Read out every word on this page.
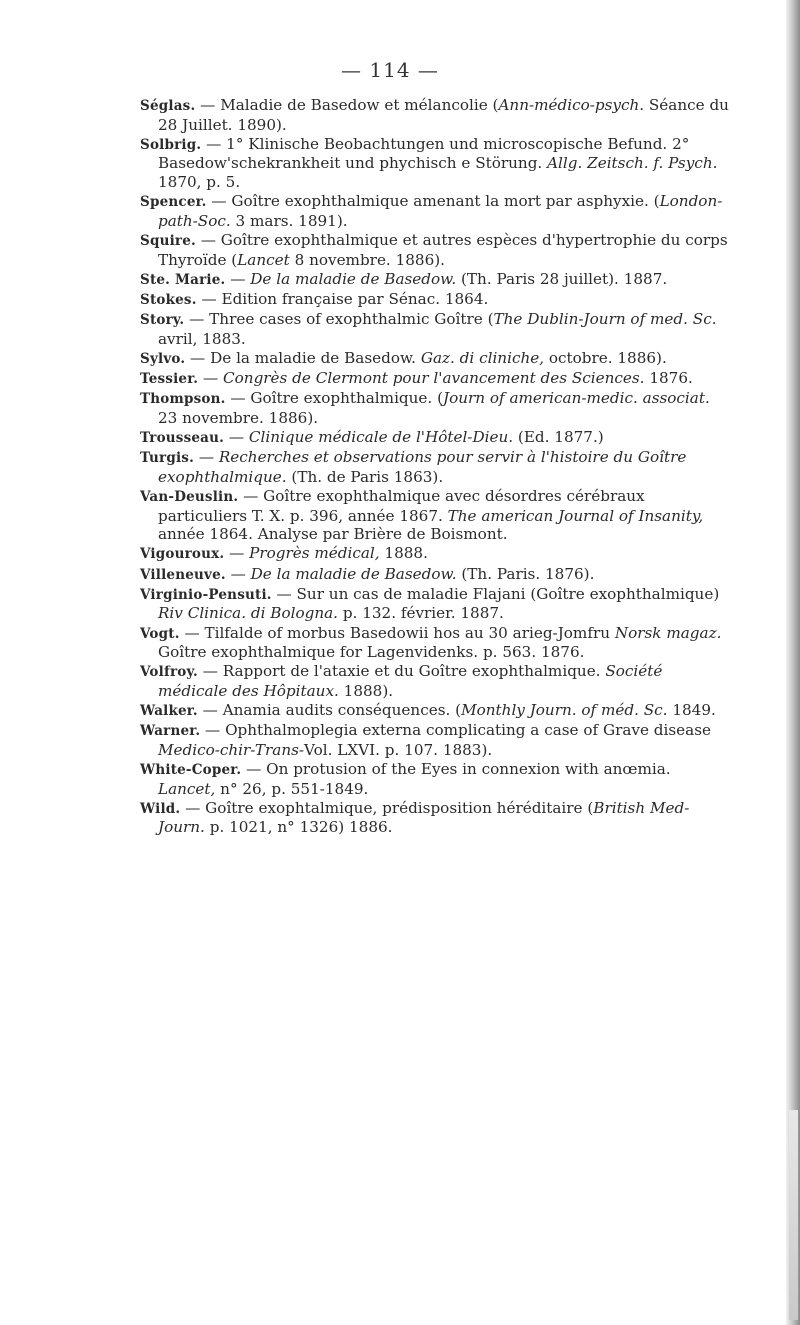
— 114 —

Séglas. — Maladie de Basedow et mélancolie (Ann-médico-psych. Séance du 28 Juillet. 1890).

Solbrig. — 1° Klinische Beobachtungen und microscopische Befund. 2° Basedow'schekrankheit und phychisch e Störung. Allg. Zeitsch. f. Psych. 1870, p. 5.

Spencer. — Goître exophthalmique amenant la mort par asphyxie. (London-path-Soc. 3 mars. 1891).

Squire. — Goître exophthalmique et autres espèces d'hypertrophie du corps Thyroïde (Lancet 8 novembre. 1886).

Ste. Marie. — De la maladie de Basedow. (Th. Paris 28 juillet). 1887.

Stokes. — Edition française par Sénac. 1864.

Story. — Three cases of exophthalmic Goître (The Dublin-Journ of med. Sc. avril, 1883.

Sylvo. — De la maladie de Basedow. Gaz. di cliniche, octobre. 1886).

Tessier. — Congrès de Clermont pour l'avancement des Sciences. 1876.

Thompson. — Goître exophthalmique. (Journ of american-medic. associat. 23 novembre. 1886).

Trousseau. — Clinique médicale de l'Hôtel-Dieu. (Ed. 1877.)

Turgis. — Recherches et observations pour servir à l'histoire du Goître exophthalmique. (Th. de Paris 1863).

Van-Deuslin. — Goître exophthalmique avec désordres cérébraux particuliers T. X. p. 396, année 1867. The american Journal of Insanity, année 1864. Analyse par Brière de Boismont.

Vigouroux. — Progrès médical, 1888.

Villeneuve. — De la maladie de Basedow. (Th. Paris. 1876).

Virginio-Pensuti. — Sur un cas de maladie Flajani (Goître exophthalmique) Riv Clinica. di Bologna. p. 132. février. 1887.

Vogt. — Tilfalde of morbus Basedowii hos au 30 arieg-Jomfru Norsk magaz. Goître exophthalmique for Lagenvidenks. p. 563. 1876.

Volfroy. — Rapport de l'ataxie et du Goître exophthalmique. Société médicale des Hôpitaux. 1888).

Walker. — Anamia audits conséquences. (Monthly Journ. of méd. Sc. 1849.

Warner. — Ophthalmoplegia externa complicating a case of Grave disease Medico-chir-Trans-Vol. LXVI. p. 107. 1883).

White-Coper. — On protusion of the Eyes in connexion with anœmia. Lancet, n° 26, p. 551-1849.

Wild. — Goître exophtalmique, prédisposition héréditaire (British Med-Journ. p. 1021, n° 1326) 1886.
